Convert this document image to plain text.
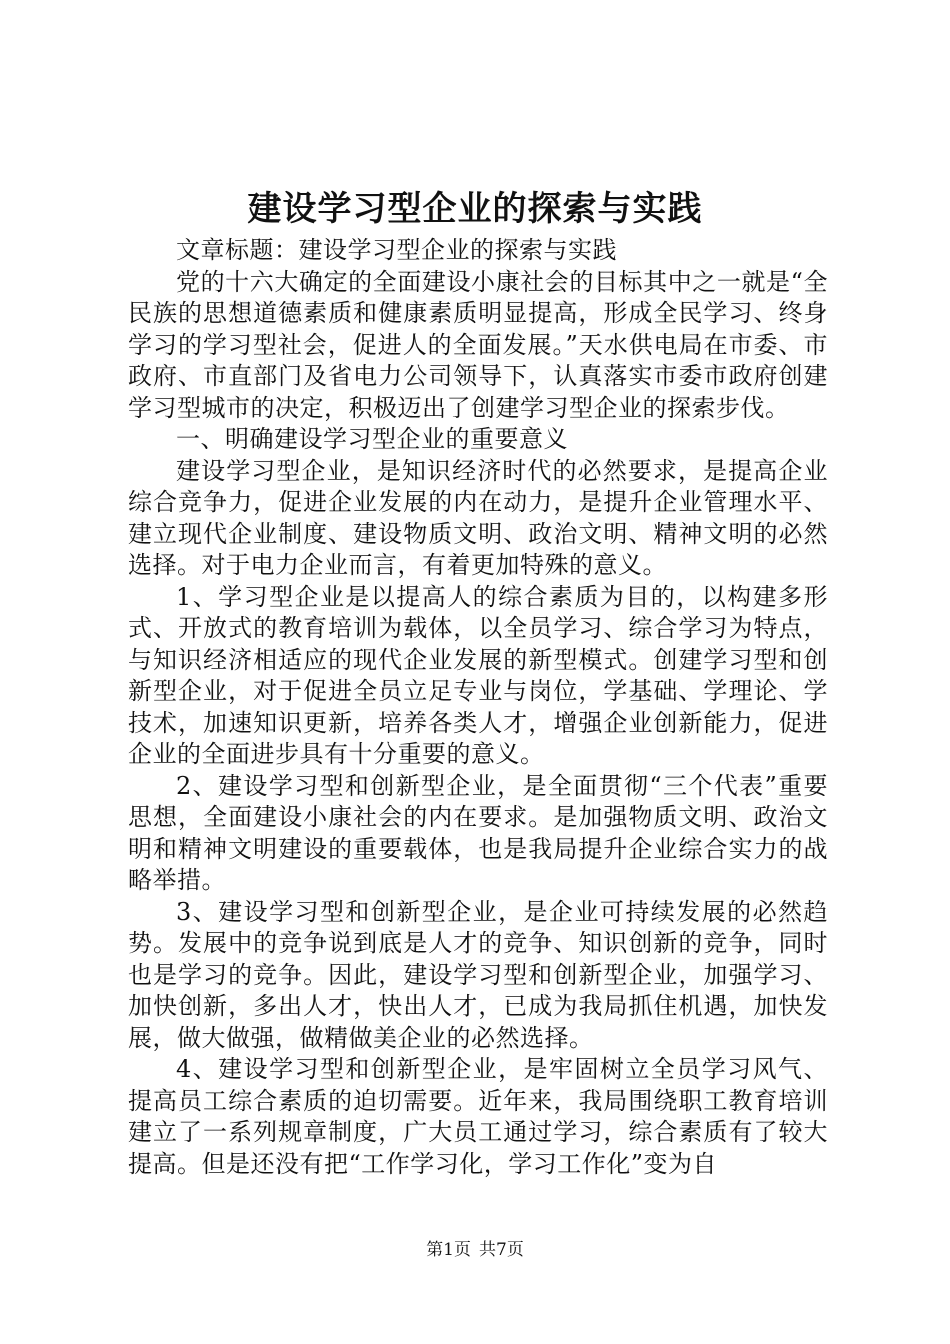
建设学习型企业的探索与实践

文章标题：建设学习型企业的探索与实践

党的十六大确定的全面建设小康社会的目标其中之一就是“全民族的思想道德素质和健康素质明显提高，形成全民学习、终身学习的学习型社会，促进人的全面发展。”天水供电局在市委、市政府、市直部门及省电力公司领导下，认真落实市委市政府创建学习型城市的决定，积极迈出了创建学习型企业的探索步伐。

一、明确建设学习型企业的重要意义

建设学习型企业，是知识经济时代的必然要求，是提高企业综合竞争力，促进企业发展的内在动力，是提升企业管理水平、建立现代企业制度、建设物质文明、政治文明、精神文明的必然选择。对于电力企业而言，有着更加特殊的意义。

1、学习型企业是以提高人的综合素质为目的，以构建多形式、开放式的教育培训为载体，以全员学习、综合学习为特点，与知识经济相适应的现代企业发展的新型模式。创建学习型和创新型企业，对于促进全员立足专业与岗位，学基础、学理论、学技术，加速知识更新，培养各类人才，增强企业创新能力，促进企业的全面进步具有十分重要的意义。

2、建设学习型和创新型企业，是全面贯彻“三个代表”重要思想，全面建设小康社会的内在要求。是加强物质文明、政治文明和精神文明建设的重要载体，也是我局提升企业综合实力的战略举措。

3、建设学习型和创新型企业，是企业可持续发展的必然趋势。发展中的竞争说到底是人才的竞争、知识创新的竞争，同时也是学习的竞争。因此，建设学习型和创新型企业，加强学习、加快创新，多出人才，快出人才，已成为我局抓住机遇，加快发展，做大做强，做精做美企业的必然选择。

4、建设学习型和创新型企业，是牢固树立全员学习风气、提高员工综合素质的迫切需要。近年来，我局围绕职工教育培训建立了一系列规章制度，广大员工通过学习，综合素质有了较大提高。但是还没有把“工作学习化，学习工作化”变为自

第1页 共7页
